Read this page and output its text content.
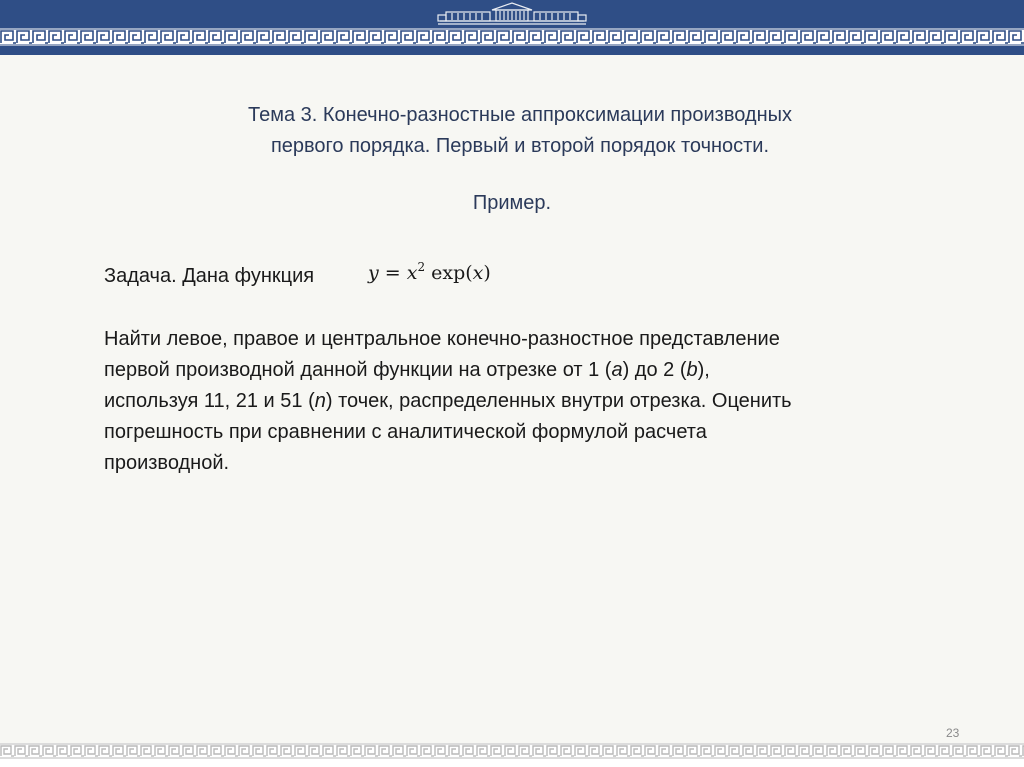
Тема 3. Конечно-разностные аппроксимации производных
первого порядка. Первый и второй порядок точности.
Пример.
Задача. Дана функция	$y = x^2$ exp(x)
Найти левое, правое и центральное конечно-разностное представление
первой производной данной функции на отрезке от 1 (a) до 2 (b),
используя 11, 21 и 51 (n) точек, распределенных внутри отрезка. Оценить
погрешность при сравнении с аналитической формулой расчета
производной.
23
